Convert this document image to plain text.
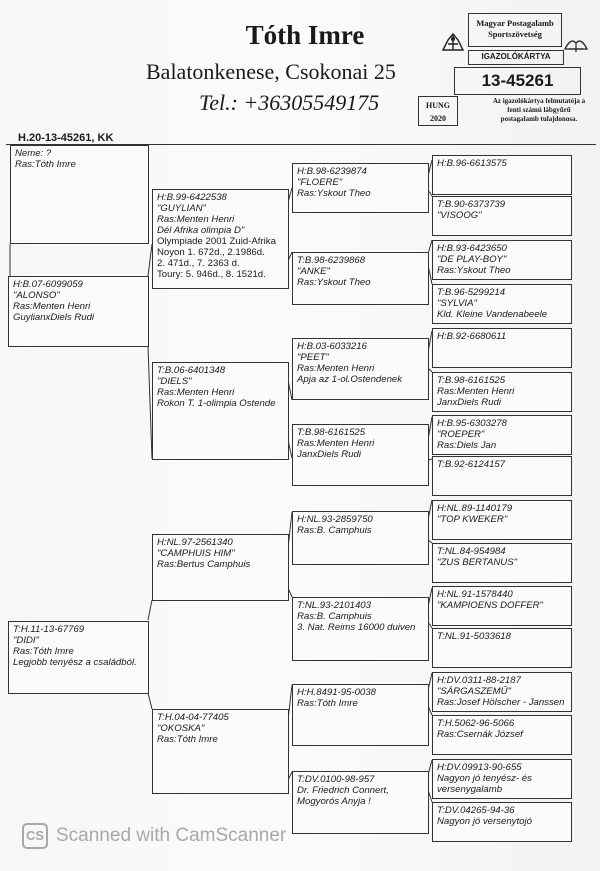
Tóth Imre
Balatonkenese, Csokonai 25
Tel.: +36305549175
Magyar Postagalamb Sportszövetség
IGAZOLÓKÁRTYA
13-45261
HUNG
2020
Az igazolókártya felmutatója a fenti számú lábgyűrű postagalamb tulajdonosa.
H.20-13-45261, KK
Neme: ?
Ras:Tóth Imre
H:B.07-6099059
"ALONSO"
Ras:Menten Henri
GuylianxDiels Rudi
T:H.11-13-67769
"DIDI"
Ras:Tóth Imre
Legjobb tenyész a családból.
H:B.99-6422538
"GUYLIAN"
Ras:Menten Henri
Dél Afrika olimpia D"
Olympiade 2001 Zuid-Afrika
Noyon 1. 672d., 2.1986d.
2. 471d., 7. 2363 d.
Toury: 5. 946d., 8. 1521d.
T:B.06-6401348
"DIELS"
Ras:Menten Henri
Rokon T. 1-olimpia Ostende
H:NL.97-2561340
"CAMPHUIS HIM"
Ras:Bertus Camphuis
T:H.04-04-77405
"OKOSKA"
Ras:Tóth Imre
H:B.98-6239874
"FLOERE"
Ras:Yskout Theo
T:B.98-6239868
"ANKE"
Ras:Yskout Theo
H:B.03-6033216
"PEET"
Ras:Menten Henri
Apja az 1-ol.Ostendenek
T:B.98-6161525
Ras:Menten Henri
JanxDiels Rudi
H:NL.93-2859750
Ras:B. Camphuis
T:NL.93-2101403
Ras:B. Camphuis
3. Nat. Reims 16000 duiven
H:H.8491-95-0038
Ras:Tóth Imre
T:DV.0100-98-957
Dr. Friedrich Connert,
Mogyorós Anyja !
H:B.96-6613575
T:B.90-6373739
"VISOOG"
H:B.93-6423650
"DE PLAY-BOY"
Ras:Yskout Theo
T:B.96-5299214
"SYLVIA"
Kld. Kleine Vandenabeele
H:B.92-6680611
T:B.98-6161525
Ras:Menten Henri
JanxDiels Rudi
H:B.95-6303278
"ROEPER"
Ras:Diels Jan
T:B.92-6124157
H:NL.89-1140179
"TOP KWEKER"
T:NL.84-954984
"ZUS BERTANUS"
H:NL.91-1578440
"KAMPIOENS DOFFER"
T:NL.91-5033618
H:DV.0311-88-2187
"SÁRGASZEMŰ"
Ras:Josef Hölscher - Janssen
T:H.5062-96-5066
Ras:Csernák József
H:DV.09913-90-655
Nagyon jó tenyész- és
versenygalamb
T:DV.04265-94-36
Nagyon jó versenytojó
CS Scanned with CamScanner
